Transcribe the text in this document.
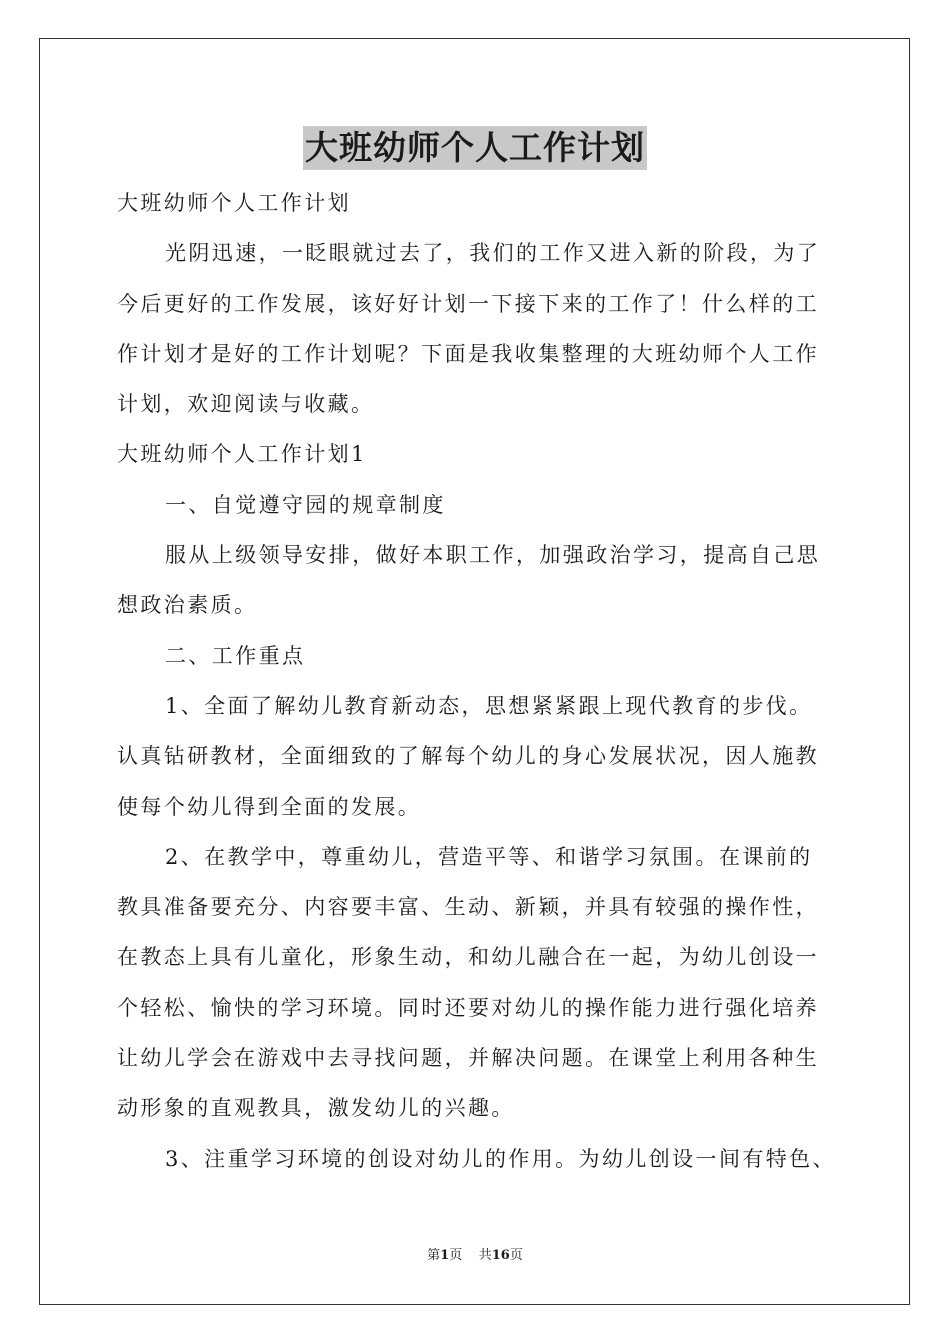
大班幼师个人工作计划
大班幼师个人工作计划
光阴迅速，一眨眼就过去了，我们的工作又进入新的阶段，为了
今后更好的工作发展，该好好计划一下接下来的工作了！什么样的工
作计划才是好的工作计划呢？下面是我收集整理的大班幼师个人工作
计划，欢迎阅读与收藏。
大班幼师个人工作计划1
一、自觉遵守园的规章制度
服从上级领导安排，做好本职工作，加强政治学习，提高自己思
想政治素质。
二、工作重点
1、全面了解幼儿教育新动态，思想紧紧跟上现代教育的步伐。
认真钻研教材，全面细致的了解每个幼儿的身心发展状况，因人施教
使每个幼儿得到全面的发展。
2、在教学中，尊重幼儿，营造平等、和谐学习氛围。在课前的
教具准备要充分、内容要丰富、生动、新颖，并具有较强的操作性，
在教态上具有儿童化，形象生动，和幼儿融合在一起，为幼儿创设一
个轻松、愉快的学习环境。同时还要对幼儿的操作能力进行强化培养
让幼儿学会在游戏中去寻找问题，并解决问题。在课堂上利用各种生
动形象的直观教具，激发幼儿的兴趣。
3、注重学习环境的创设对幼儿的作用。为幼儿创设一间有特色、
第1页 共16页
